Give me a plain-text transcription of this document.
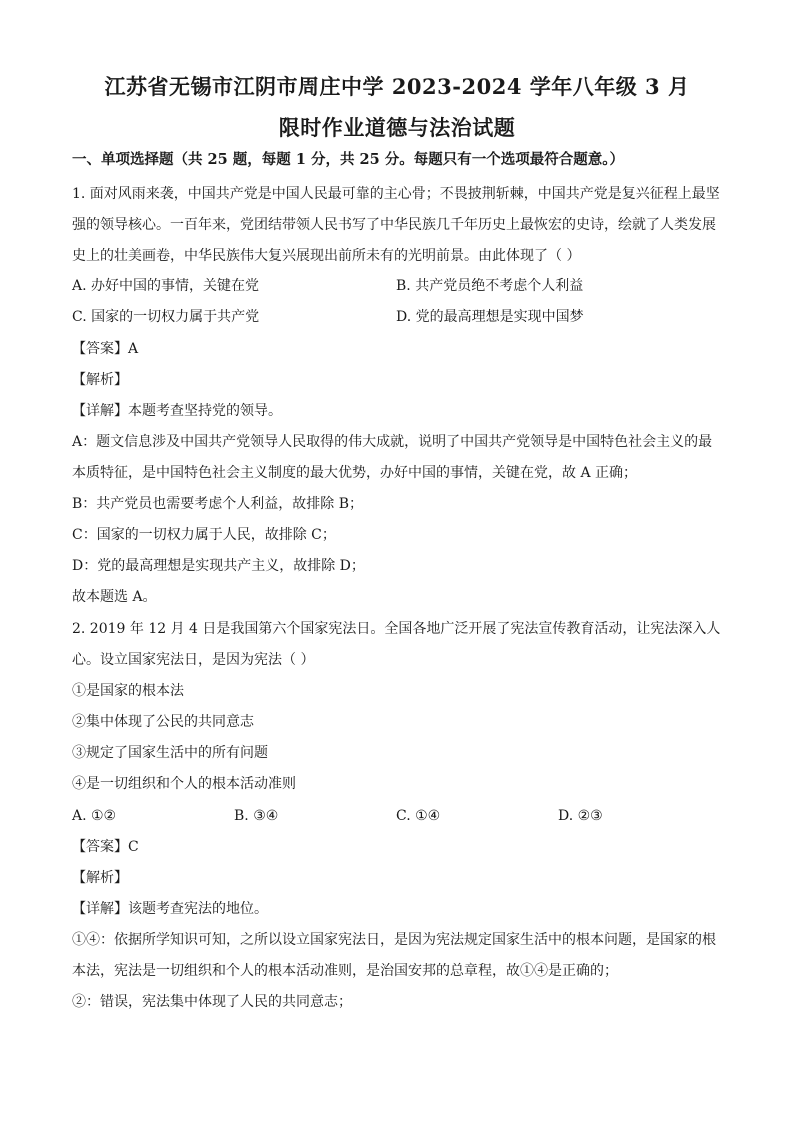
江苏省无锡市江阴市周庄中学 2023-2024 学年八年级 3 月
限时作业道德与法治试题
一、单项选择题（共 25 题，每题 1 分，共 25 分。每题只有一个选项最符合题意。）
1. 面对风雨来袭，中国共产党是中国人民最可靠的主心骨；不畏披荆斩棘，中国共产党是复兴征程上最坚
强的领导核心。一百年来，党团结带领人民书写了中华民族几千年历史上最恢宏的史诗，绘就了人类发展
史上的壮美画卷，中华民族伟大复兴展现出前所未有的光明前景。由此体现了（ ）
A. 办好中国的事情，关键在党	B. 共产党员绝不考虑个人利益
C. 国家的一切权力属于共产党	D. 党的最高理想是实现中国梦
【答案】A
【解析】
【详解】本题考查坚持党的领导。
A：题文信息涉及中国共产党领导人民取得的伟大成就，说明了中国共产党领导是中国特色社会主义的最
本质特征，是中国特色社会主义制度的最大优势，办好中国的事情，关键在党，故 A 正确；
B：共产党员也需要考虑个人利益，故排除 B；
C：国家的一切权力属于人民，故排除 C；
D：党的最高理想是实现共产主义，故排除 D；
故本题选 A。
2. 2019 年 12 月 4 日是我国第六个国家宪法日。全国各地广泛开展了宪法宣传教育活动，让宪法深入人
心。设立国家宪法日，是因为宪法（ ）
①是国家的根本法
②集中体现了公民的共同意志
③规定了国家生活中的所有问题
④是一切组织和个人的根本活动准则
A. ①②	B. ③④	C. ①④	D. ②③
【答案】C
【解析】
【详解】该题考查宪法的地位。
①④：依据所学知识可知，之所以设立国家宪法日，是因为宪法规定国家生活中的根本问题，是国家的根
本法，宪法是一切组织和个人的根本活动准则，是治国安邦的总章程，故①④是正确的；
②：错误，宪法集中体现了人民的共同意志；
